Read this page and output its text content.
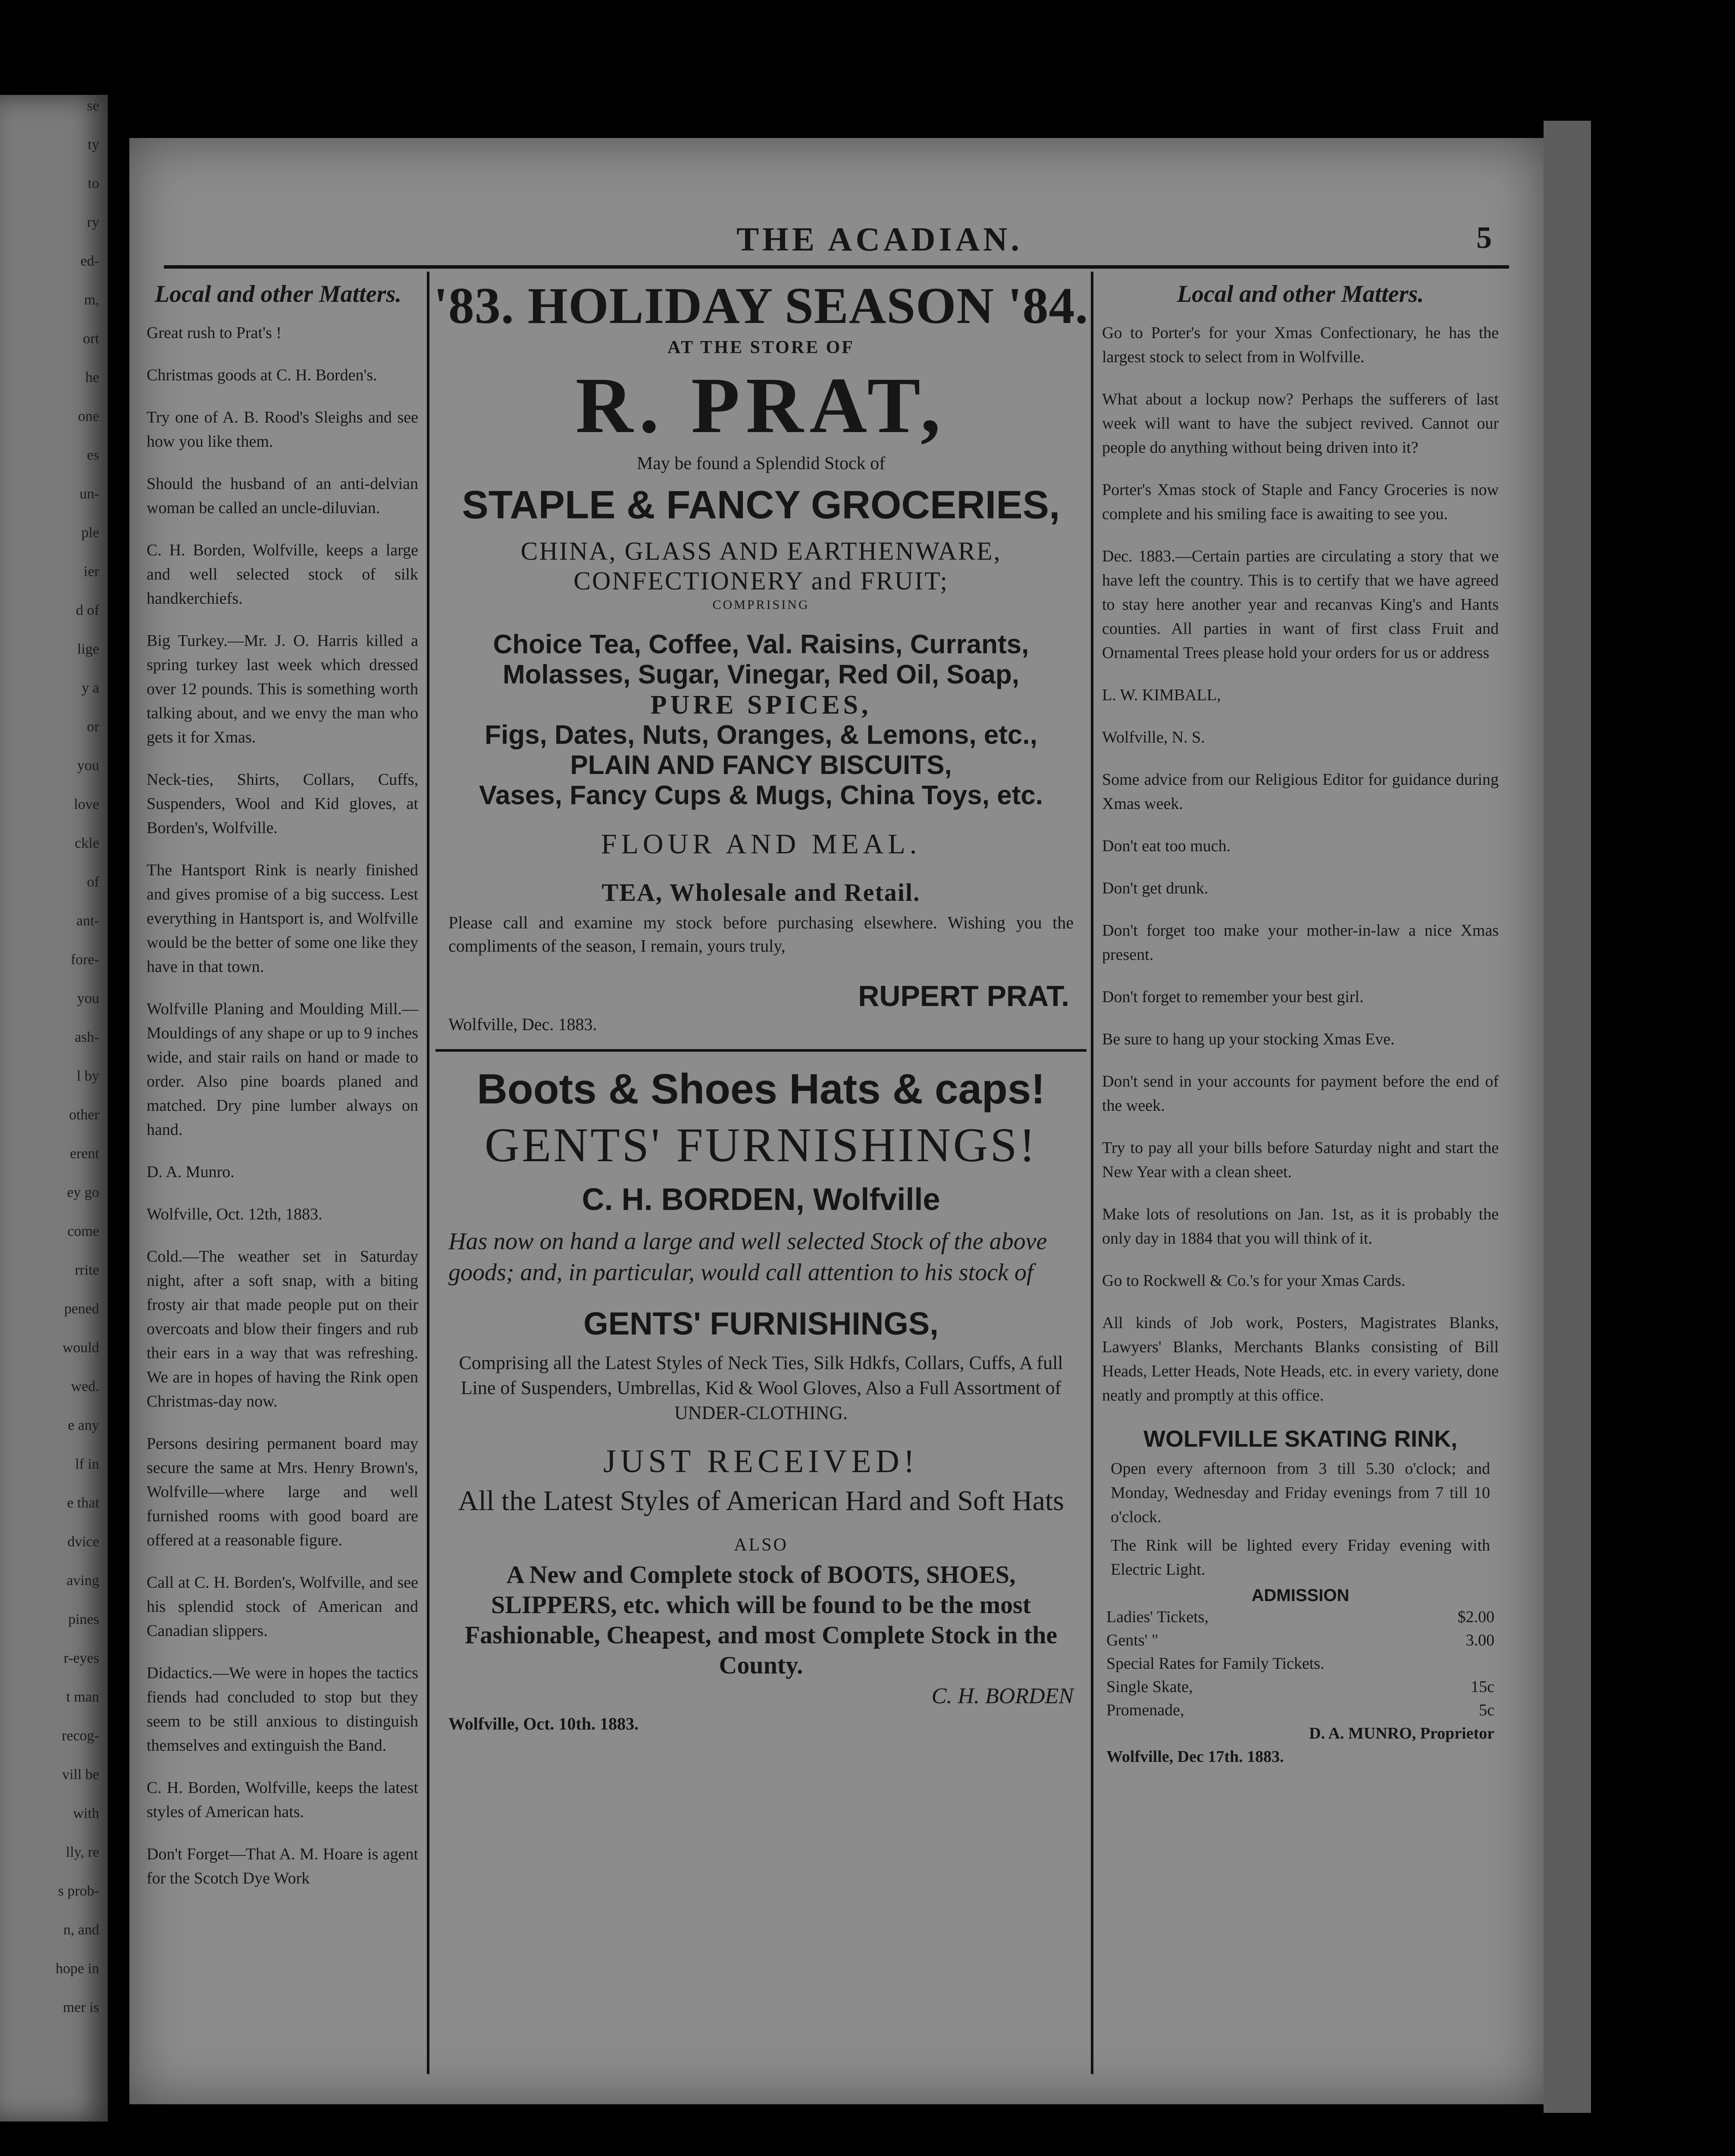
se
ty
to
ry
ed-
m,
ort
he
one
es
un-
ple
ier
d of
lige
y a
or
you
love
ckle
of
ant-
fore-
you
ash-
l by
other
erent
ey go
come
rrite
pened
would
wed.
e any
lf in
e that
dvice
aving
pines
r-eyes
t man
recog-
vill be
with
lly, re
s prob-
n, and
hope in
mer is
THE ACADIAN.	5
Local and other Matters.

Great rush to Prat's !

Christmas goods at C. H. Borden's.

Try one of A. B. Rood's Sleighs and see how you like them.

Should the husband of an anti-delvian woman be called an uncle-diluvian.

C. H. Borden, Wolfville, keeps a large and well selected stock of silk handkerchiefs.

Big Turkey.—Mr. J. O. Harris killed a spring turkey last week which dressed over 12 pounds. This is something worth talking about, and we envy the man who gets it for Xmas.

Neck-ties, Shirts, Collars, Cuffs, Suspenders, Wool and Kid gloves, at Borden's, Wolfville.

The Hantsport Rink is nearly finished and gives promise of a big success. Lest everything in Hantsport is, and Wolfville would be the better of some one like they have in that town.

Wolfville Planing and Moulding Mill.—Mouldings of any shape or up to 9 inches wide, and stair rails on hand or made to order. Also pine boards planed and matched. Dry pine lumber always on hand.

D. A. Munro.

Wolfville, Oct. 12th, 1883.

Cold.—The weather set in Saturday night, after a soft snap, with a biting frosty air that made people put on their overcoats and blow their fingers and rub their ears in a way that was refreshing. We are in hopes of having the Rink open Christmas-day now.

Persons desiring permanent board may secure the same at Mrs. Henry Brown's, Wolfville—where large and well furnished rooms with good board are offered at a reasonable figure.

Call at C. H. Borden's, Wolfville, and see his splendid stock of American and Canadian slippers.

Didactics.—We were in hopes the tactics fiends had concluded to stop but they seem to be still anxious to distinguish themselves and extinguish the Band.

C. H. Borden, Wolfville, keeps the latest styles of American hats.

Don't Forget—That A. M. Hoare is agent for the Scotch Dye Work

'83. HOLIDAY SEASON '84.
AT THE STORE OF
R. PRAT,
May be found a Splendid Stock of
STAPLE & FANCY GROCERIES,
CHINA, GLASS AND EARTHENWARE,
CONFECTIONERY and FRUIT;
COMPRISING
Choice Tea, Coffee, Val. Raisins, Currants,
Molasses, Sugar, Vinegar, Red Oil, Soap,
PURE SPICES,
Figs, Dates, Nuts, Oranges, & Lemons, etc.,
PLAIN AND FANCY BISCUITS,
Vases, Fancy Cups & Mugs, China Toys, etc.
FLOUR AND MEAL.
TEA, Wholesale and Retail.
Please call and examine my stock before purchasing elsewhere. Wishing you the compliments of the season, I remain, yours truly,
RUPERT PRAT.
Wolfville, Dec. 1883.
Boots & Shoes Hats & caps!
GENTS' FURNISHINGS!
C. H. BORDEN, Wolfville
Has now on hand a large and well selected Stock of the above goods; and, in particular, would call attention to his stock of
GENTS' FURNISHINGS,
Comprising all the Latest Styles of Neck Ties, Silk Hdkfs, Collars, Cuffs, A full Line of Suspenders, Umbrellas, Kid & Wool Gloves, Also a Full Assortment of UNDER-CLOTHING.
JUST RECEIVED!
All the Latest Styles of American Hard and Soft Hats
ALSO
A New and Complete stock of BOOTS, SHOES, SLIPPERS, etc. which will be found to be the most Fashionable, Cheapest, and most Complete Stock in the County.
C. H. BORDEN
Wolfville, Oct. 10th. 1883.
Local and other Matters.

Go to Porter's for your Xmas Confectionary, he has the largest stock to select from in Wolfville.

What about a lockup now? Perhaps the sufferers of last week will want to have the subject revived. Cannot our people do anything without being driven into it?

Porter's Xmas stock of Staple and Fancy Groceries is now complete and his smiling face is awaiting to see you.

Dec. 1883.—Certain parties are circulating a story that we have left the country. This is to certify that we have agreed to stay here another year and recanvas King's and Hants counties. All parties in want of first class Fruit and Ornamental Trees please hold your orders for us or address

L. W. KIMBALL,

Wolfville, N. S.

Some advice from our Religious Editor for guidance during Xmas week.

Don't eat too much.

Don't get drunk.

Don't forget too make your mother-in-law a nice Xmas present.

Don't forget to remember your best girl.

Be sure to hang up your stocking Xmas Eve.

Don't send in your accounts for payment before the end of the week.

Try to pay all your bills before Saturday night and start the New Year with a clean sheet.

Make lots of resolutions on Jan. 1st, as it is probably the only day in 1884 that you will think of it.

Go to Rockwell & Co.'s for your Xmas Cards.

All kinds of Job work, Posters, Magistrates Blanks, Lawyers' Blanks, Merchants Blanks consisting of Bill Heads, Letter Heads, Note Heads, etc. in every variety, done neatly and promptly at this office.

WOLFVILLE SKATING RINK,

Open every afternoon from 3 till 5.30 o'clock; and Monday, Wednesday and Friday evenings from 7 till 10 o'clock.

The Rink will be lighted every Friday evening with Electric Light.

ADMISSION
Ladies' Tickets,	$2.00
Gents' "	3.00
Special Rates for Family Tickets.
Single Skate,	15c
Promenade,	5c
D. A. MUNRO, Proprietor
Wolfville, Dec 17th. 1883.
